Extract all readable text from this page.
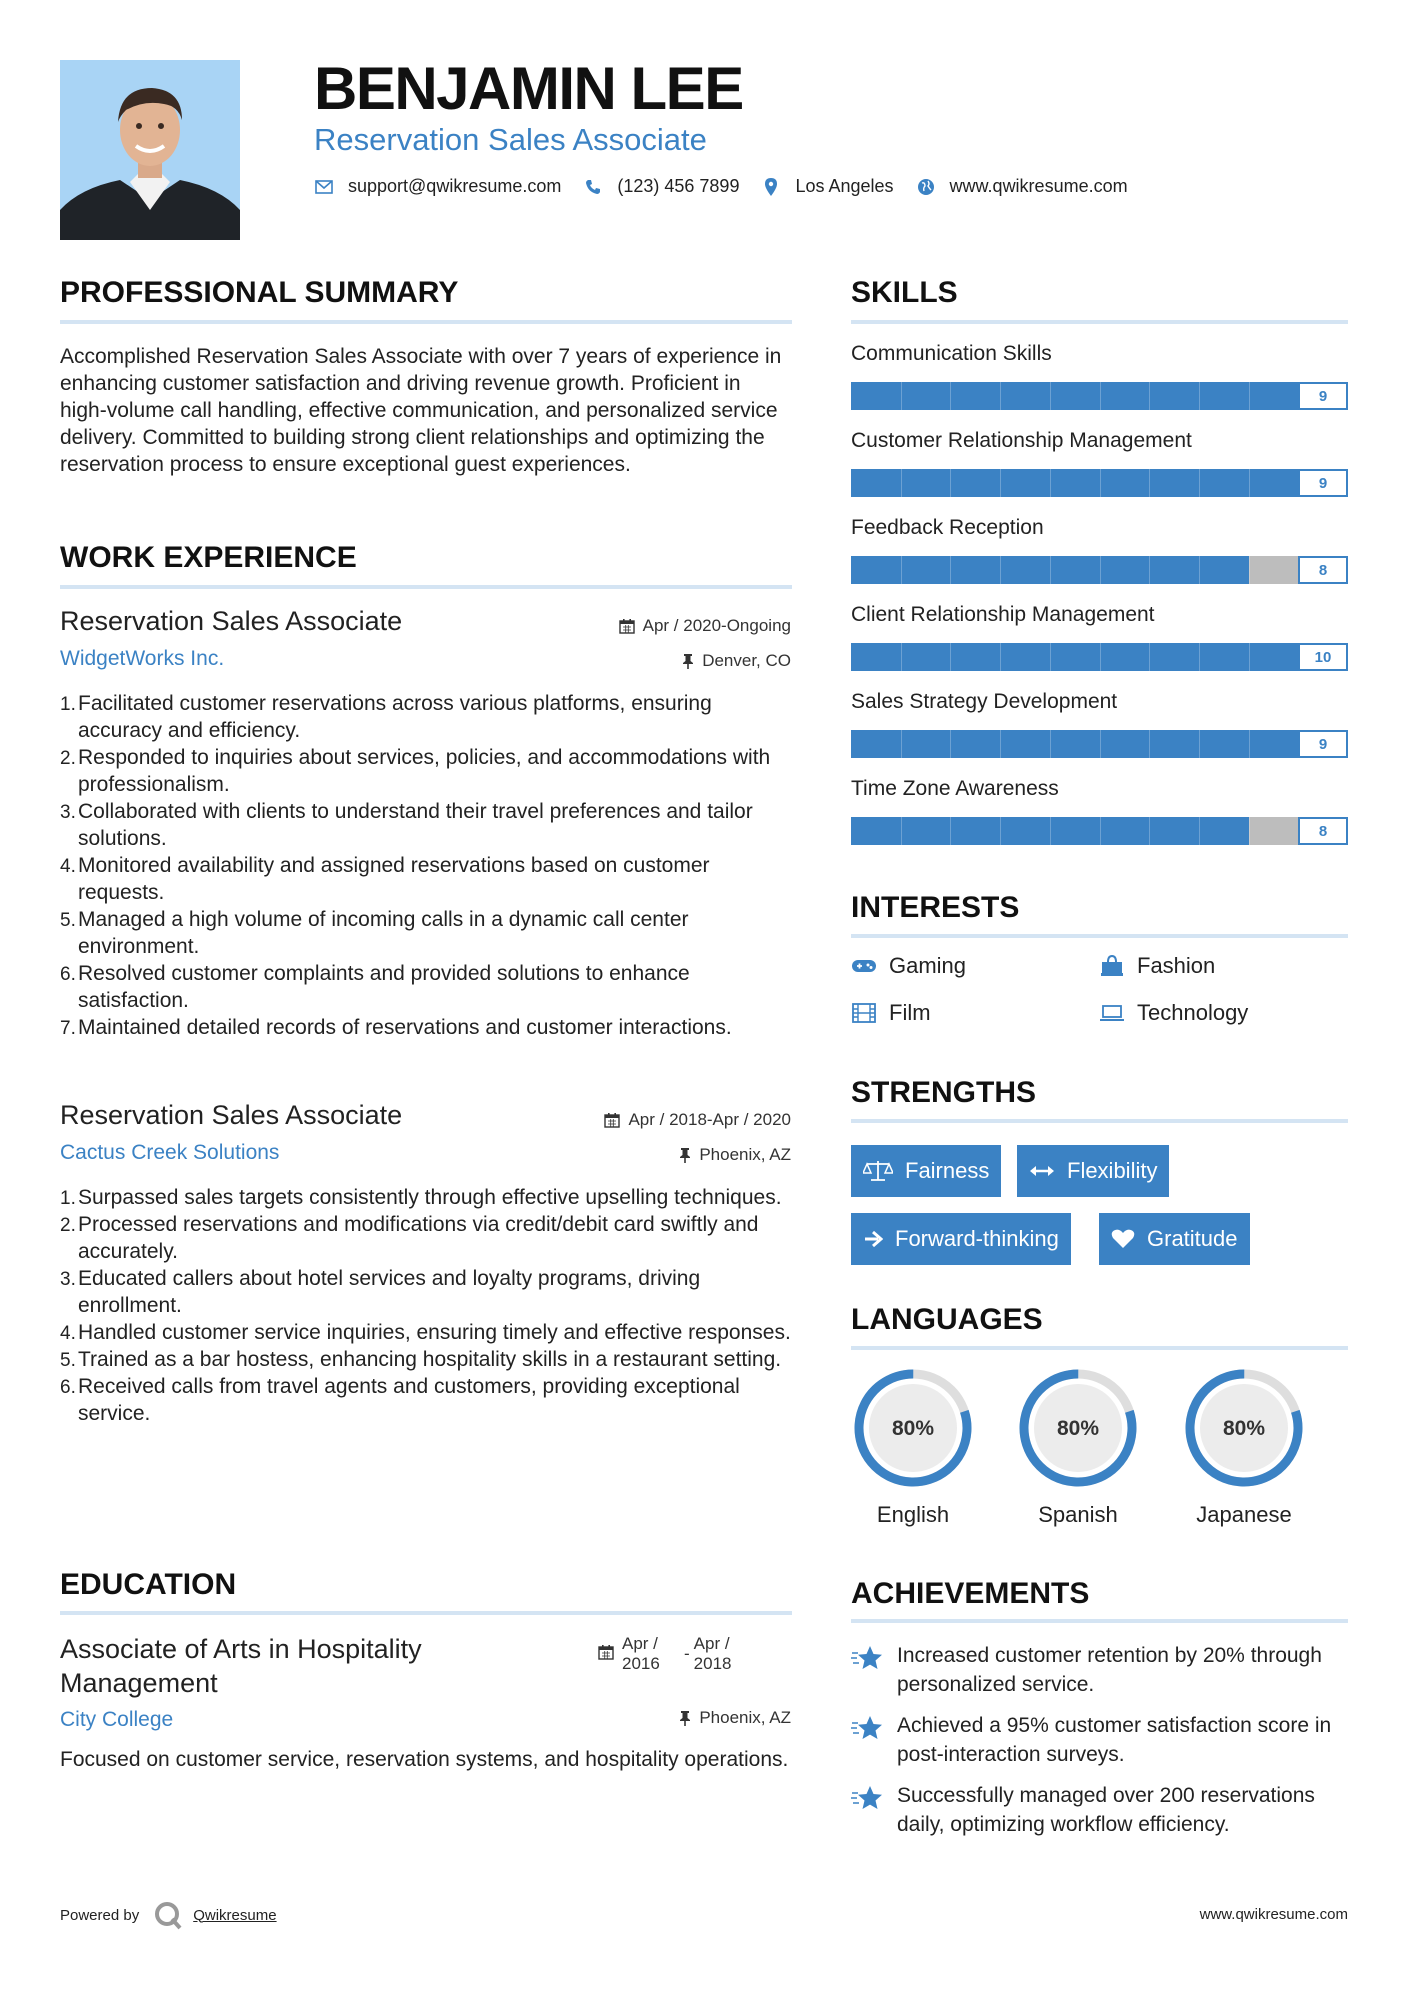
BENJAMIN LEE
Reservation Sales Associate
support@qwikresume.com	(123) 456 7899	Los Angeles	www.qwikresume.com
PROFESSIONAL SUMMARY
Accomplished Reservation Sales Associate with over 7 years of experience in enhancing customer satisfaction and driving revenue growth. Proficient in high-volume call handling, effective communication, and personalized service delivery. Committed to building strong client relationships and optimizing the reservation process to ensure exceptional guest experiences.
WORK EXPERIENCE
Reservation Sales Associate	Apr / 2020-Ongoing
WidgetWorks Inc.	Denver, CO
Facilitated customer reservations across various platforms, ensuring accuracy and efficiency.
Responded to inquiries about services, policies, and accommodations with professionalism.
Collaborated with clients to understand their travel preferences and tailor solutions.
Monitored availability and assigned reservations based on customer requests.
Managed a high volume of incoming calls in a dynamic call center environment.
Resolved customer complaints and provided solutions to enhance satisfaction.
Maintained detailed records of reservations and customer interactions.
Reservation Sales Associate	Apr / 2018-Apr / 2020
Cactus Creek Solutions	Phoenix, AZ
Surpassed sales targets consistently through effective upselling techniques.
Processed reservations and modifications via credit/debit card swiftly and accurately.
Educated callers about hotel services and loyalty programs, driving enrollment.
Handled customer service inquiries, ensuring timely and effective responses.
Trained as a bar hostess, enhancing hospitality skills in a restaurant setting.
Received calls from travel agents and customers, providing exceptional service.
EDUCATION
Associate of Arts in Hospitality
Management
Apr /
2016
-
Apr /
2018
City College	Phoenix, AZ
Focused on customer service, reservation systems, and hospitality operations.
SKILLS
Communication Skills
9
Customer Relationship Management
9
Feedback Reception
8
Client Relationship Management
10
Sales Strategy Development
9
Time Zone Awareness
8
INTERESTS
Gaming	Fashion
Film	Technology
STRENGTHS
Fairness	Flexibility
Forward-thinking	Gratitude
LANGUAGES
80%
English
80%
Spanish
80%
Japanese
ACHIEVEMENTS
Increased customer retention by 20% through personalized service.
Achieved a 95% customer satisfaction score in post-interaction surveys.
Successfully managed over 200 reservations daily, optimizing workflow efficiency.
Powered by	Qwikresume	www.qwikresume.com
